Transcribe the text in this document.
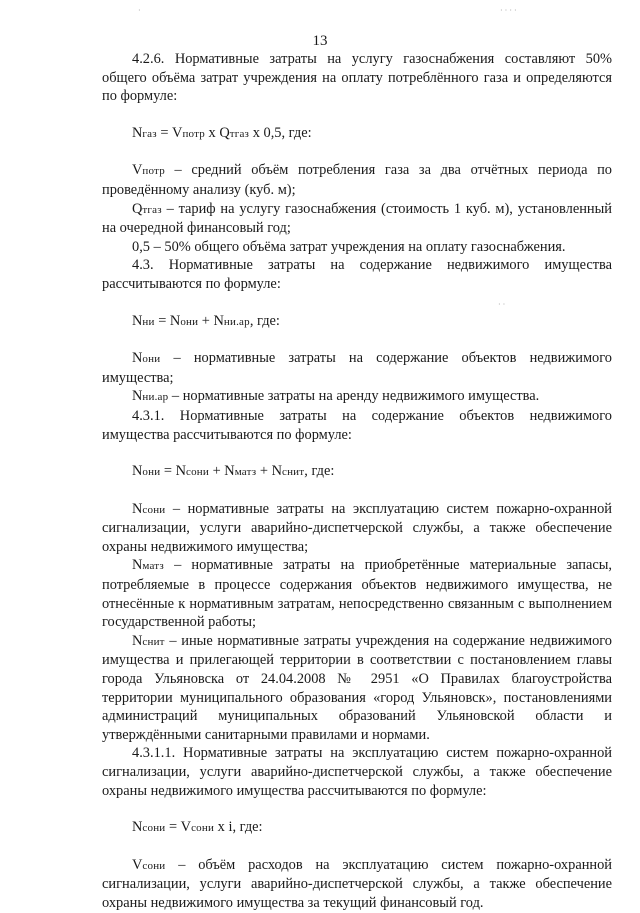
13

4.2.6. Нормативные затраты на услугу газоснабжения составляют 50% общего объёма затрат учреждения на оплату потреблённого газа и определяются по формуле:

Nгаз = Vпотр x Qтгаз x 0,5, где:

Vпотр – средний объём потребления газа за два отчётных периода по проведённому анализу (куб. м);

Qтгаз – тариф на услугу газоснабжения (стоимость 1 куб. м), установленный на очередной финансовый год;

0,5 – 50% общего объёма затрат учреждения на оплату газоснабжения.

4.3. Нормативные затраты на содержание недвижимого имущества рассчитываются по формуле:

Nни = Nони + Nни.ар, где:

Nони – нормативные затраты на содержание объектов недвижимого имущества;

Nни.ар – нормативные затраты на аренду недвижимого имущества.

4.3.1. Нормативные затраты на содержание объектов недвижимого имущества рассчитываются по формуле:

Nони = Nсони + Nматз + Nснит, где:

Nсони – нормативные затраты на эксплуатацию систем пожарно-охранной сигнализации, услуги аварийно-диспетчерской службы, а также обеспечение охраны недвижимого имущества;

Nматз – нормативные затраты на приобретённые материальные запасы, потребляемые в процессе содержания объектов недвижимого имущества, не отнесённые к нормативным затратам, непосредственно связанным с выполнением государственной работы;

Nснит – иные нормативные затраты учреждения на содержание недвижимого имущества и прилегающей территории в соответствии с постановлением главы города Ульяновска от 24.04.2008 № 2951 «О Правилах благоустройства территории муниципального образования «город Ульяновск», постановлениями администраций муниципальных образований Ульяновской области и утверждёнными санитарными правилами и нормами.

4.3.1.1. Нормативные затраты на эксплуатацию систем пожарно-охранной сигнализации, услуги аварийно-диспетчерской службы, а также обеспечение охраны недвижимого имущества рассчитываются по формуле:

Nсони = Vсони x i, где:

Vсони – объём расходов на эксплуатацию систем пожарно-охранной сигнализации, услуги аварийно-диспетчерской службы, а также обеспечение охраны недвижимого имущества за текущий финансовый год.

·	· · · ·
· ·
